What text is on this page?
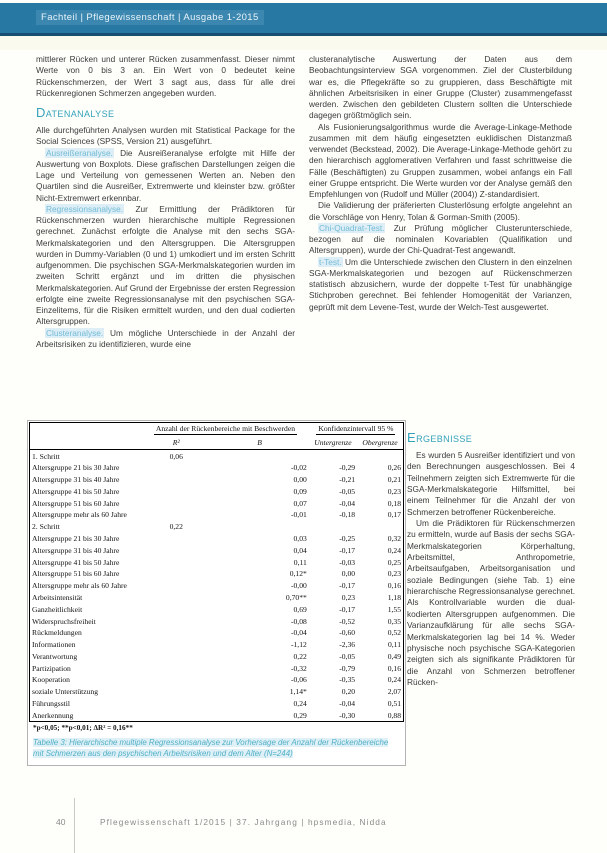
Fachteil | Pflegewissenschaft | Ausgabe 1-2015

mittlerer Rücken und unterer Rücken zusammenfasst. Dieser nimmt Werte von 0 bis 3 an. Ein Wert von 0 bedeutet keine Rückenschmerzen, der Wert 3 sagt aus, dass für alle drei Rückenregionen Schmerzen angegeben wurden.

Datenanalyse

Alle durchgeführten Analysen wurden mit Statistical Package for the Social Sciences (SPSS, Version 21) ausgeführt.

Ausreißeranalyse. Die Ausreißeranalyse erfolgte mit Hilfe der Auswertung von Boxplots. Diese grafischen Darstellungen zeigen die Lage und Verteilung von gemessenen Werten an. Neben den Quartilen sind die Ausreißer, Extremwerte und kleinster bzw. größter Nicht-Extremwert erkennbar.

Regressionsanalyse. Zur Ermittlung der Prädiktoren für Rückenschmerzen wurden hierarchische multiple Regressionen gerechnet. Zunächst erfolgte die Analyse mit den sechs SGA-Merkmalskategorien und den Altersgruppen. Die Altersgruppen wurden in Dummy-Variablen (0 und 1) umkodiert und im ersten Schritt aufgenommen. Die psychischen SGA-Merkmalskategorien wurden im zweiten Schritt ergänzt und im dritten die physischen Merkmalskategorien. Auf Grund der Ergebnisse der ersten Regression erfolgte eine zweite Regressionsanalyse mit den psychischen SGA-Einzelitems, für die Risiken ermittelt wurden, und den dual codierten Altersgruppen.

Clusteranalyse. Um mögliche Unterschiede in der Anzahl der Arbeitsrisiken zu identifizieren, wurde eine

clusteranalytische Auswertung der Daten aus dem Beobachtungsinterview SGA vorgenommen. Ziel der Clusterbildung war es, die Pflegekräfte so zu gruppieren, dass Beschäftigte mit ähnlichen Arbeitsrisiken in einer Gruppe (Cluster) zusammengefasst werden. Zwischen den gebildeten Clustern sollten die Unterschiede dagegen größtmöglich sein.

Als Fusionierungsalgorithmus wurde die Average-Linkage-Methode zusammen mit dem häufig eingesetzten euklidischen Distanzmaß verwendet (Beckstead, 2002). Die Average-Linkage-Methode gehört zu den hierarchisch agglomerativen Verfahren und fasst schrittweise die Fälle (Beschäftigten) zu Gruppen zusammen, wobei anfangs ein Fall einer Gruppe entspricht. Die Werte wurden vor der Analyse gemäß den Empfehlungen von (Rudolf und Müller (2004)) Z-standardisiert.

Die Validierung der präferierten Clusterlösung erfolgte angelehnt an die Vorschläge von Henry, Tolan & Gorman-Smith (2005).

Chi-Quadrat-Test. Zur Prüfung möglicher Clusterunterschiede, bezogen auf die nominalen Kovariablen (Qualifikation und Altersgruppen), wurde der Chi-Quadrat-Test angewandt.

t-Test. Um die Unterschiede zwischen den Clustern in den einzelnen SGA-Merkmalskategorien und bezogen auf Rückenschmerzen statistisch abzusichern, wurde der doppelte t-Test für unabhängige Stichproben gerechnet. Bei fehlender Homogenität der Varianzen, geprüft mit dem Levene-Test, wurde der Welch-Test ausgewertet.

	Anzahl der Rückenbereiche mit Beschwerden		Konfidenzintervall 95 %	
	R²	B	Untergrenze	Obergrenze
1. Schritt	0,06			
Altersgruppe 21 bis 30 Jahre		-0,02	-0,29	0,26
Altersgruppe 31 bis 40 Jahre		0,00	-0,21	0,21
Altersgruppe 41 bis 50 Jahre		0,09	-0,05	0,23
Altersgruppe 51 bis 60 Jahre		0,07	-0,04	0,18
Altersgruppe mehr als 60 Jahre		-0,01	-0,18	0,17
2. Schritt	0,22			
Altersgruppe 21 bis 30 Jahre		0,03	-0,25	0,32
Altersgruppe 31 bis 40 Jahre		0,04	-0,17	0,24
Altersgruppe 41 bis 50 Jahre		0,11	-0,03	0,25
Altersgruppe 51 bis 60 Jahre		0,12*	0,00	0,23
Altersgruppe mehr als 60 Jahre		-0,00	-0,17	0,16
Arbeitsintensität		0,70**	0,23	1,18
Ganzheitlichkeit		0,69	-0,17	1,55
Widerspruchsfreiheit		-0,08	-0,52	0,35
Rückmeldungen		-0,04	-0,60	0,52
Informationen		-1,12	-2,36	0,11
Verantwortung		0,22	-0,05	0,49
Partizipation		-0,32	-0,79	0,16
Kooperation		-0,06	-0,35	0,24
soziale Unterstützung		1,14*	0,20	2,07
Führungsstil		0,24	-0,04	0,51
Anerkennung		0,29	-0,30	0,88
*p<0,05; **p<0,01; ΔR² = 0,16**
Tabelle 3: Hierarchische multiple Regressionsanalyse zur Vorhersage der Anzahl der Rückenbereiche mit Schmerzen aus den psychischen Arbeitsrisiken und dem Alter (N=244)
Ergebnisse

Es wurden 5 Ausreißer identifiziert und von den Berechnungen ausgeschlossen. Bei 4 Teilnehmern zeigten sich Extremwerte für die SGA-Merkmalskategorie Hilfsmittel, bei einem Teilnehmer für die Anzahl der von Schmerzen betroffener Rückenbereiche.

Um die Prädiktoren für Rückenschmerzen zu ermitteln, wurde auf Basis der sechs SGA-Merkmalskategorien Körperhaltung, Arbeitsmittel, Anthropometrie, Arbeitsaufgaben, Arbeitsorganisation und soziale Bedingungen (siehe Tab. 1) eine hierarchische Regressionsanalyse gerechnet. Als Kontrollvariable wurden die dual-kodierten Altersgruppen aufgenommen. Die Varianzaufklärung für alle sechs SGA-Merkmalskategorien lag bei 14 %. Weder physische noch psychische SGA-Kategorien zeigten sich als signifikante Prädiktoren für die Anzahl von Schmerzen betroffener Rücken-

40	Pflegewissenschaft 1/2015 | 37. Jahrgang | hpsmedia, Nidda
